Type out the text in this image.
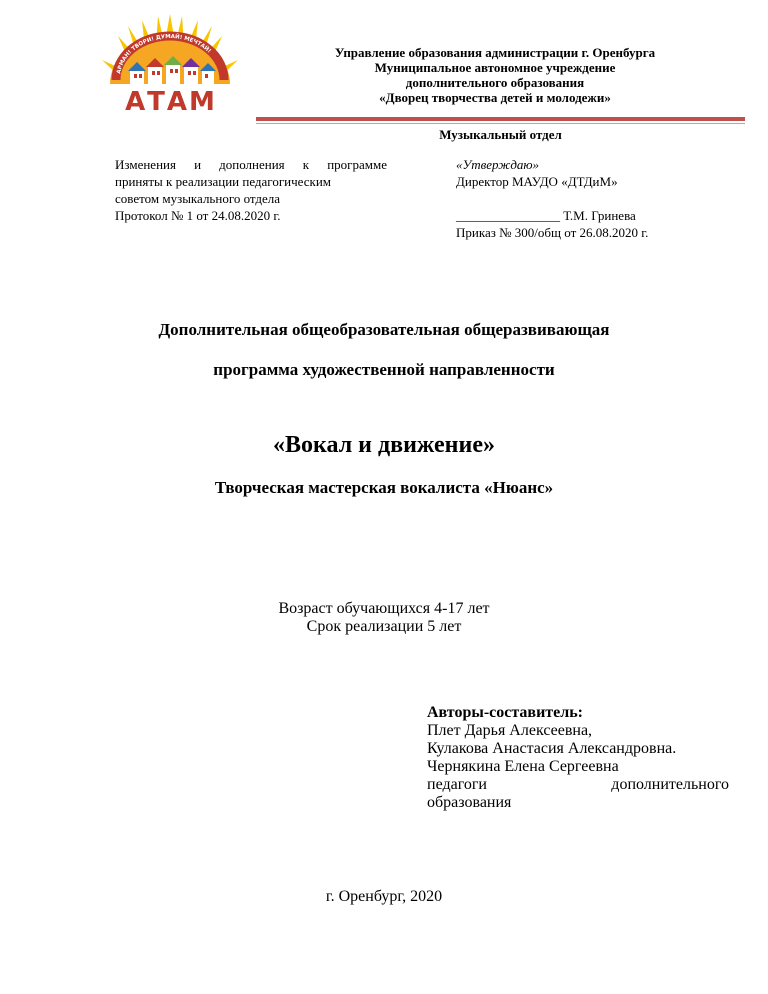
АРМАН! ТВОРИ! ДУМАЙ! МЕЧТАЙ!
АТАМ
Управление образования администрации г. Оренбурга
Муниципальное автономное учреждение
дополнительного образования
«Дворец творчества детей и молодежи»
Музыкальный отдел
Изменения и дополнения к программе
приняты к реализации педагогическим
советом музыкального отдела
Протокол № 1 от 24.08.2020 г.
«Утверждаю»
Директор МАУДО «ДТДиМ»
________________ Т.М. Гринева
Приказ № 300/общ от 26.08.2020 г.
Дополнительная общеобразовательная общеразвивающая
программа художественной направленности
«Вокал и движение»
Творческая мастерская вокалиста «Нюанс»
Возраст обучающихся 4-17 лет
Срок реализации 5 лет
Авторы-составитель:
Плет Дарья Алексеевна,
Кулакова Анастасия Александровна.
Чернякина Елена Сергеевна
педагоги	дополнительного
образования
г. Оренбург, 2020
